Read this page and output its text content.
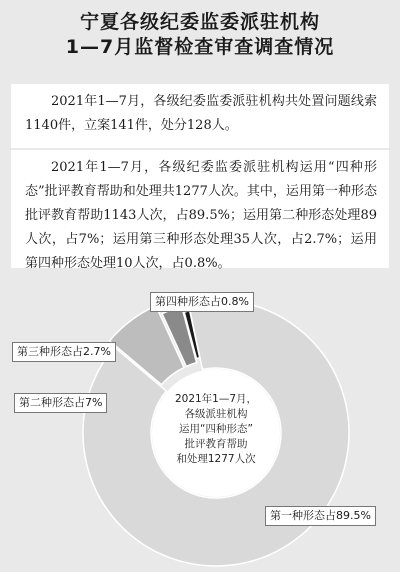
宁夏各级纪委监委派驻机构
1—7月监督检查审查调查情况

2021年1—7月，各级纪委监委派驻机构共处置问题线索1140件，立案141件，处分128人。

2021年1—7月，各级纪委监委派驻机构运用“四种形态”批评教育帮助和处理共1277人次。其中，运用第一种形态批评教育帮助1143人次，占89.5%；运用第二种形态处理89人次，占7%；运用第三种形态处理35人次，占2.7%；运用第四种形态处理10人次，占0.8%。

第四种形态占0.8%
第三种形态占2.7%
第二种形态占7%
第一种形态占89.5%
2021年1—7月，
各级派驻机构
运用“四种形态”
批评教育帮助
和处理1277人次
